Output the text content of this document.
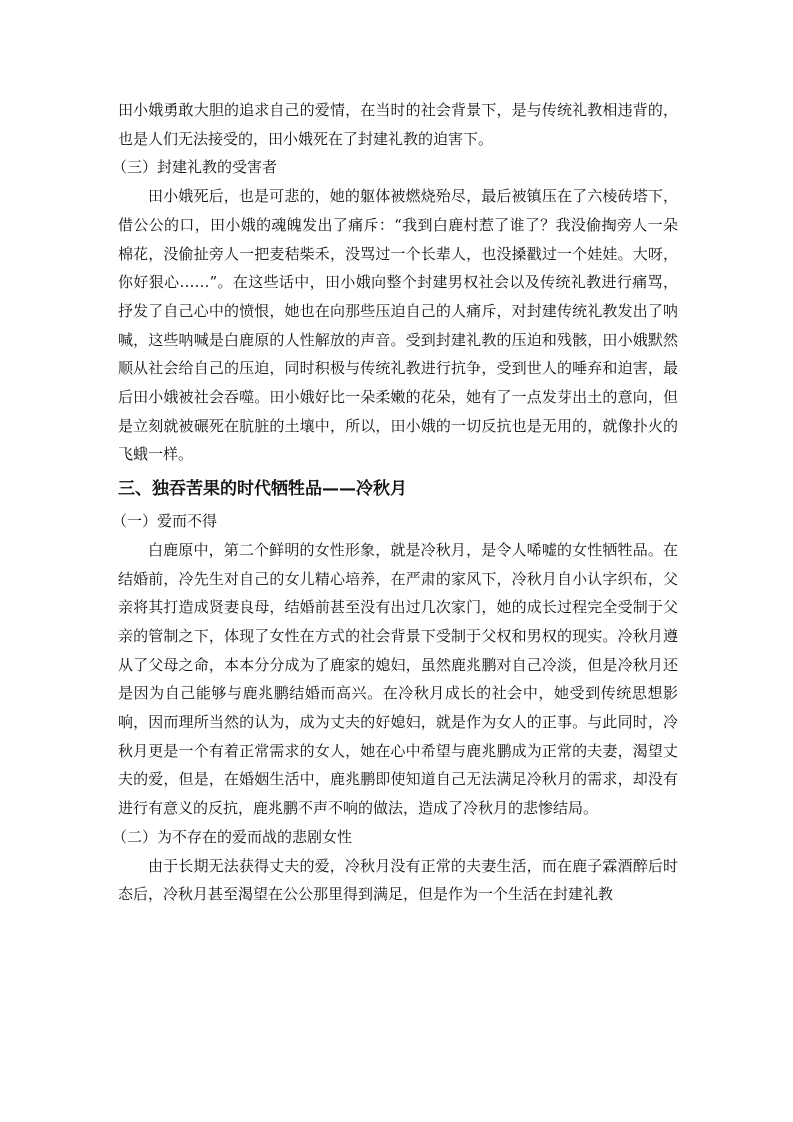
田小娥勇敢大胆的追求自己的爱情，在当时的社会背景下，是与传统礼教相违背的，也是人们无法接受的，田小娥死在了封建礼教的迫害下。

（三）封建礼教的受害者

田小娥死后，也是可悲的，她的躯体被燃烧殆尽，最后被镇压在了六棱砖塔下，借公公的口，田小娥的魂魄发出了痛斥：“我到白鹿村惹了谁了？我没偷掏旁人一朵棉花，没偷扯旁人一把麦秸柴禾，没骂过一个长辈人，也没搡戳过一个娃娃。大呀，你好狠心……”。在这些话中，田小娥向整个封建男权社会以及传统礼教进行痛骂，抒发了自己心中的愤恨，她也在向那些压迫自己的人痛斥，对封建传统礼教发出了呐喊，这些呐喊是白鹿原的人性解放的声音。受到封建礼教的压迫和残骸，田小娥默然顺从社会给自己的压迫，同时积极与传统礼教进行抗争，受到世人的唾弃和迫害，最后田小娥被社会吞噬。田小娥好比一朵柔嫩的花朵，她有了一点发芽出土的意向，但是立刻就被碾死在肮脏的土壤中，所以，田小娥的一切反抗也是无用的，就像扑火的飞蛾一样。

三、独吞苦果的时代牺牲品——冷秋月

（一）爱而不得

白鹿原中，第二个鲜明的女性形象，就是冷秋月，是令人唏嘘的女性牺牲品。在结婚前，冷先生对自己的女儿精心培养，在严肃的家风下，冷秋月自小认字织布，父亲将其打造成贤妻良母，结婚前甚至没有出过几次家门，她的成长过程完全受制于父亲的管制之下，体现了女性在方式的社会背景下受制于父权和男权的现实。冷秋月遵从了父母之命，本本分分成为了鹿家的媳妇，虽然鹿兆鹏对自己冷淡，但是冷秋月还是因为自己能够与鹿兆鹏结婚而高兴。在冷秋月成长的社会中，她受到传统思想影响，因而理所当然的认为，成为丈夫的好媳妇，就是作为女人的正事。与此同时，冷秋月更是一个有着正常需求的女人，她在心中希望与鹿兆鹏成为正常的夫妻，渴望丈夫的爱，但是，在婚姻生活中，鹿兆鹏即使知道自己无法满足冷秋月的需求，却没有进行有意义的反抗，鹿兆鹏不声不响的做法，造成了冷秋月的悲惨结局。

（二）为不存在的爱而战的悲剧女性

由于长期无法获得丈夫的爱，冷秋月没有正常的夫妻生活，而在鹿子霖酒醉后时态后，冷秋月甚至渴望在公公那里得到满足，但是作为一个生活在封建礼教
